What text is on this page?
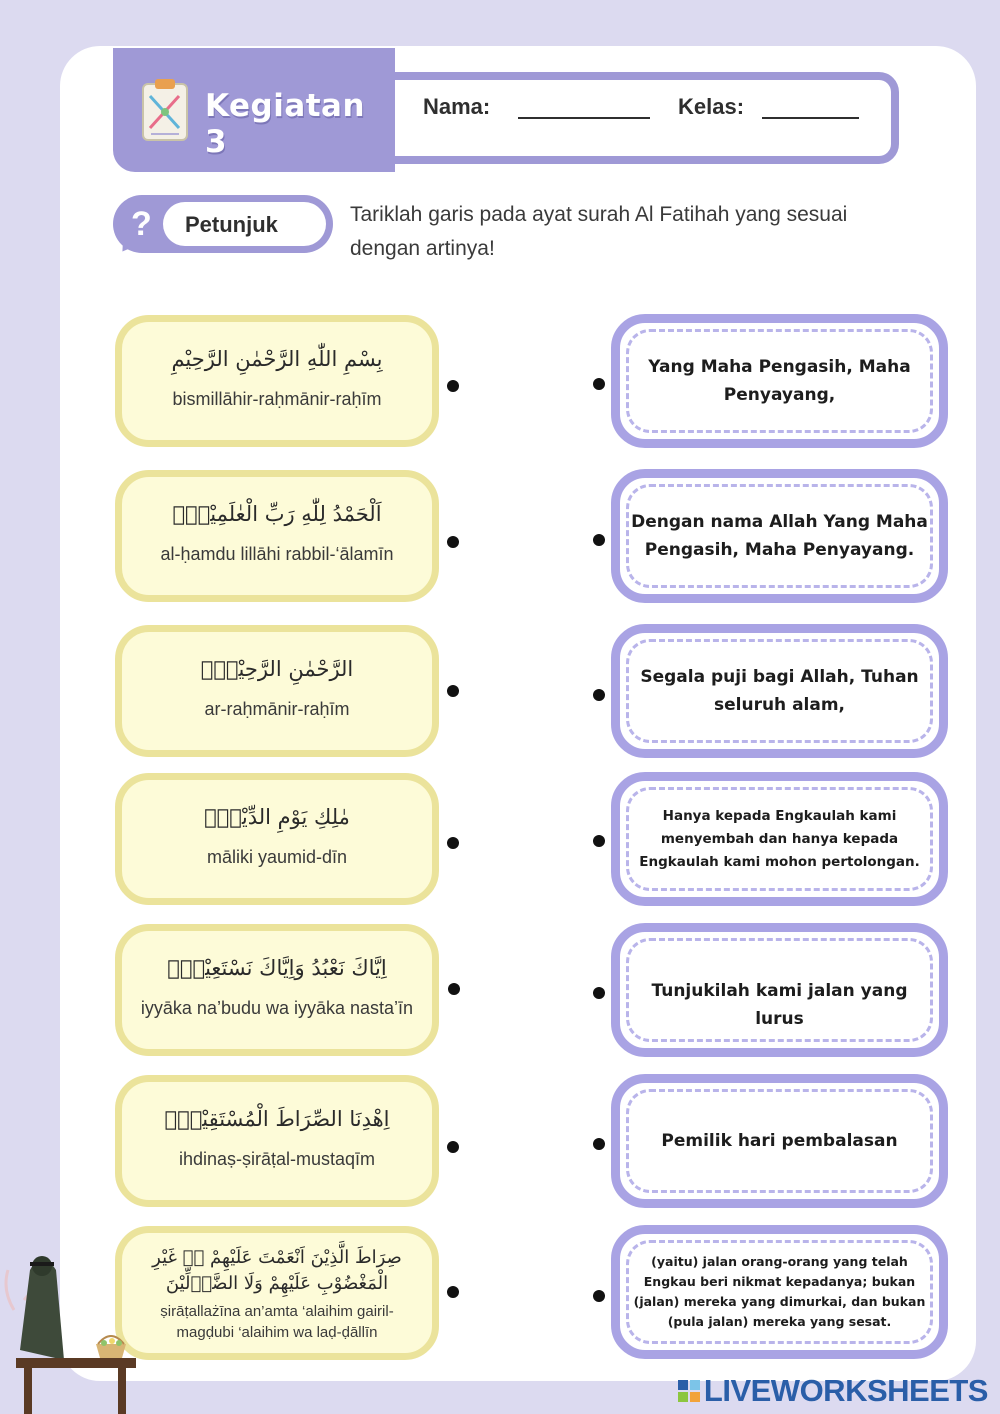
Kegiatan 3
Nama:	Kelas:
? Petunjuk	Tariklah garis pada ayat surah Al Fatihah yang sesuai dengan artinya!
بِسْمِ اللّٰهِ الرَّحْمٰنِ الرَّحِيْمِ
bismillāhir-raḥmānir-raḥīm
اَلْحَمْدُ لِلّٰهِ رَبِّ الْعٰلَمِيْنَۙ
al-ḥamdu lillāhi rabbil-‘ālamīn
الرَّحْمٰنِ الرَّحِيْمِۙ
ar-raḥmānir-raḥīm
مٰلِكِ يَوْمِ الدِّيْنِۗ
māliki yaumid-dīn
اِيَّاكَ نَعْبُدُ وَاِيَّاكَ نَسْتَعِيْنُۗ
iyyāka na’budu wa iyyāka nasta’īn
اِهْدِنَا الصِّرَاطَ الْمُسْتَقِيْمَۙ
ihdinaṣ-ṣirāṭal-mustaqīm
صِرَاطَ الَّذِيْنَ اَنْعَمْتَ عَلَيْهِمْ ەۙ غَيْرِ الْمَغْضُوْبِ عَلَيْهِمْ وَلَا الضَّاۤلِّيْنَ
ṣirāṭallażīna an’amta ‘alaihim gairil-magḍubi ‘alaihim wa laḍ-ḍāllīn
Yang Maha Pengasih, Maha Penyayang,
Dengan nama Allah Yang Maha Pengasih, Maha Penyayang.
Segala puji bagi Allah, Tuhan seluruh alam,
Hanya kepada Engkaulah kami menyembah dan hanya kepada Engkaulah kami mohon pertolongan.
Tunjukilah kami jalan yang lurus
Pemilik hari pembalasan
(yaitu) jalan orang-orang yang telah Engkau beri nikmat kepadanya; bukan (jalan) mereka yang dimurkai, dan bukan (pula jalan) mereka yang sesat.
LIVEWORKSHEETS
